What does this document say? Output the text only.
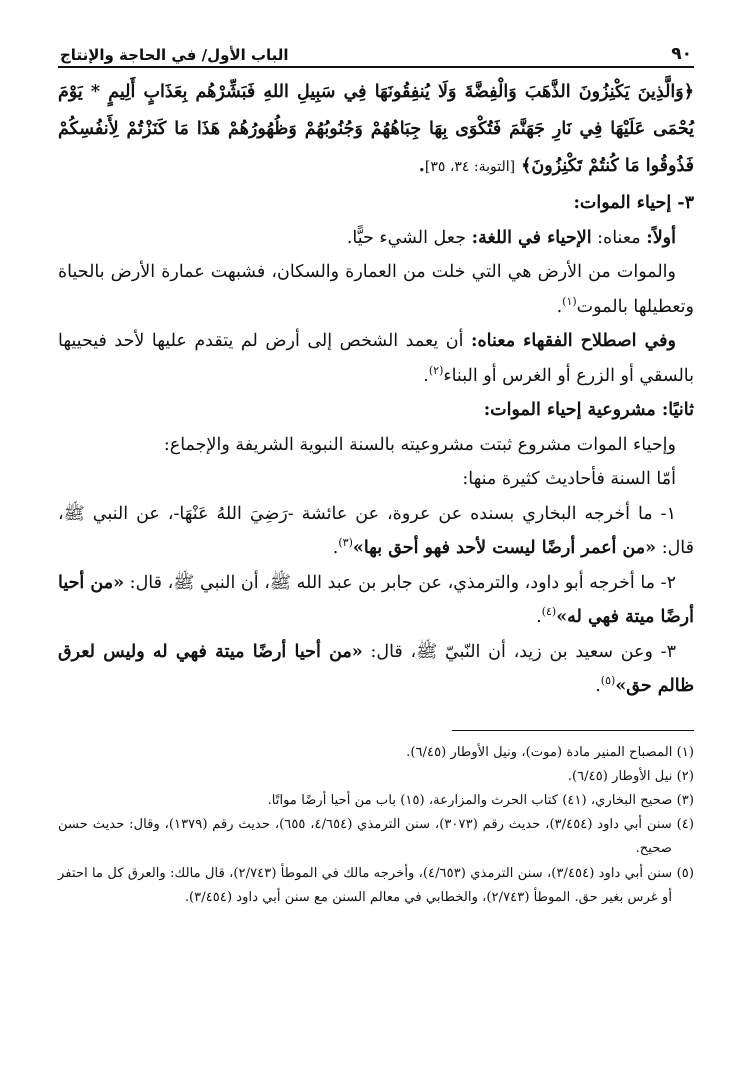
٩٠
الباب الأول/ في الحاجة والإنتاج

﴿وَالَّذِينَ يَكْنِزُونَ الذَّهَبَ وَالْفِضَّةَ وَلَا يُنفِقُونَهَا فِي سَبِيلِ اللهِ فَبَشِّرْهُم بِعَذَابٍ أَلِيمٍ * يَوْمَ يُحْمَى عَلَيْهَا فِي نَارِ جَهَنَّمَ فَتُكْوَى بِهَا جِبَاهُهُمْ وَجُنُوبُهُمْ وَظُهُورُهُمْ هَذَا مَا كَنَزْتُمْ لِأَنفُسِكُمْ فَذُوقُوا مَا كُنتُمْ تَكْنِزُونَ﴾ [التوبة: ٣٤، ٣٥].

٣- إحياء الموات:

أولاً: معناه: الإحياء في اللغة: جعل الشيء حيًّا.

والموات من الأرض هي التي خلت من العمارة والسكان، فشبهت عمارة الأرض بالحياة وتعطيلها بالموت$^{(١)}$.

وفي اصطلاح الفقهاء معناه: أن يعمد الشخص إلى أرض لم يتقدم عليها لأحد فيحييها بالسقي أو الزرع أو الغرس أو البناء$^{(٢)}$.

ثانيًا: مشروعية إحياء الموات:

وإحياء الموات مشروع ثبتت مشروعيته بالسنة النبوية الشريفة والإجماع:

أمّا السنة فأحاديث كثيرة منها:

١- ما أخرجه البخاري بسنده عن عروة، عن عائشة -رَضِيَ اللهُ عَنْهَا-، عن النبي ﷺ، قال: «من أعمر أرضًا ليست لأحد فهو أحق بها»$^{(٣)}$.

٢- ما أخرجه أبو داود، والترمذي، عن جابر بن عبد الله ﷺ، أن النبي ﷺ، قال: «من أحيا أرضًا ميتة فهي له»$^{(٤)}$.

٣- وعن سعيد بن زيد، أن النّبيّ ﷺ، قال: «من أحيا أرضًا ميتة فهي له وليس لعرق ظالم حق»$^{(٥)}$.

(١) المصباح المنير مادة (موت)، ونيل الأوطار (٦/٤٥).

(٢) نيل الأوطار (٦/٤٥).

(٣) صحيح البخاري، (٤١) كتاب الحرث والمزارعة، (١٥) باب من أحيا أرضًا مواتًا.

(٤) سنن أبي داود (٣/٤٥٤)، حديث رقم (٣٠٧٣)، سنن الترمذي (٤/٦٥٤، ٦٥٥)، حديث رقم (١٣٧٩)، وقال: حديث حسن صحيح.

(٥) سنن أبي داود (٣/٤٥٤)، سنن الترمذي (٤/٦٥٣)، وأخرجه مالك في الموطأ (٢/٧٤٣)، قال مالك: والعرق كل ما احتفر أو غرس بغير حق. الموطأ (٢/٧٤٣)، والخطابي في معالم السنن مع سنن أبي داود (٣/٤٥٤).
